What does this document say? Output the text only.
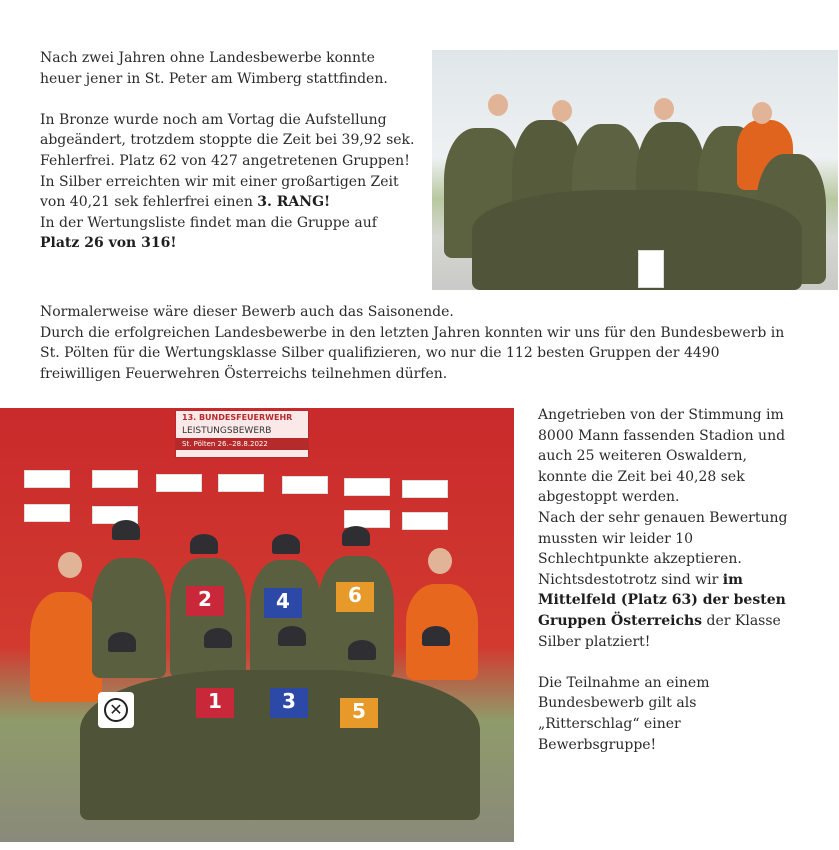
Nach zwei Jahren ohne Landesbewerbe konnte

heuer jener in St. Peter am Wimberg stattfinden.

In Bronze wurde noch am Vortag die Aufstellung

abgeändert, trotzdem stoppte die Zeit bei 39,92 sek.

Fehlerfrei. Platz 62 von 427 angetretenen Gruppen!

In Silber erreichten wir mit einer großartigen Zeit

von 40,21 sek fehlerfrei einen 3. RANG!

In der Wertungsliste findet man die Gruppe auf

Platz 26 von 316!

Normalerweise wäre dieser Bewerb auch das Saisonende.

Durch die erfolgreichen Landesbewerbe in den letzten Jahren konnten wir uns für den Bundesbewerb in

St. Pölten für die Wertungsklasse Silber qualifizieren, wo nur die 112 besten Gruppen der 4490

freiwilligen Feuerwehren Österreichs teilnehmen dürfen.

13. BUNDESFEUERWEHR
LEISTUNGSBEWERB
St. Pölten 26.–28.8.2022
2	4	6
1	3	5
✕

Angetrieben von der Stimmung im

8000 Mann fassenden Stadion und

auch 25 weiteren Oswaldern,

konnte die Zeit bei 40,28 sek

abgestoppt werden.

Nach der sehr genauen Bewertung

mussten wir leider 10

Schlechtpunkte akzeptieren.

Nichtsdestotrotz sind wir im

Mittelfeld (Platz 63) der besten

Gruppen Österreichs der Klasse

Silber platziert!

Die Teilnahme an einem

Bundesbewerb gilt als

„Ritterschlag“ einer

Bewerbsgruppe!
